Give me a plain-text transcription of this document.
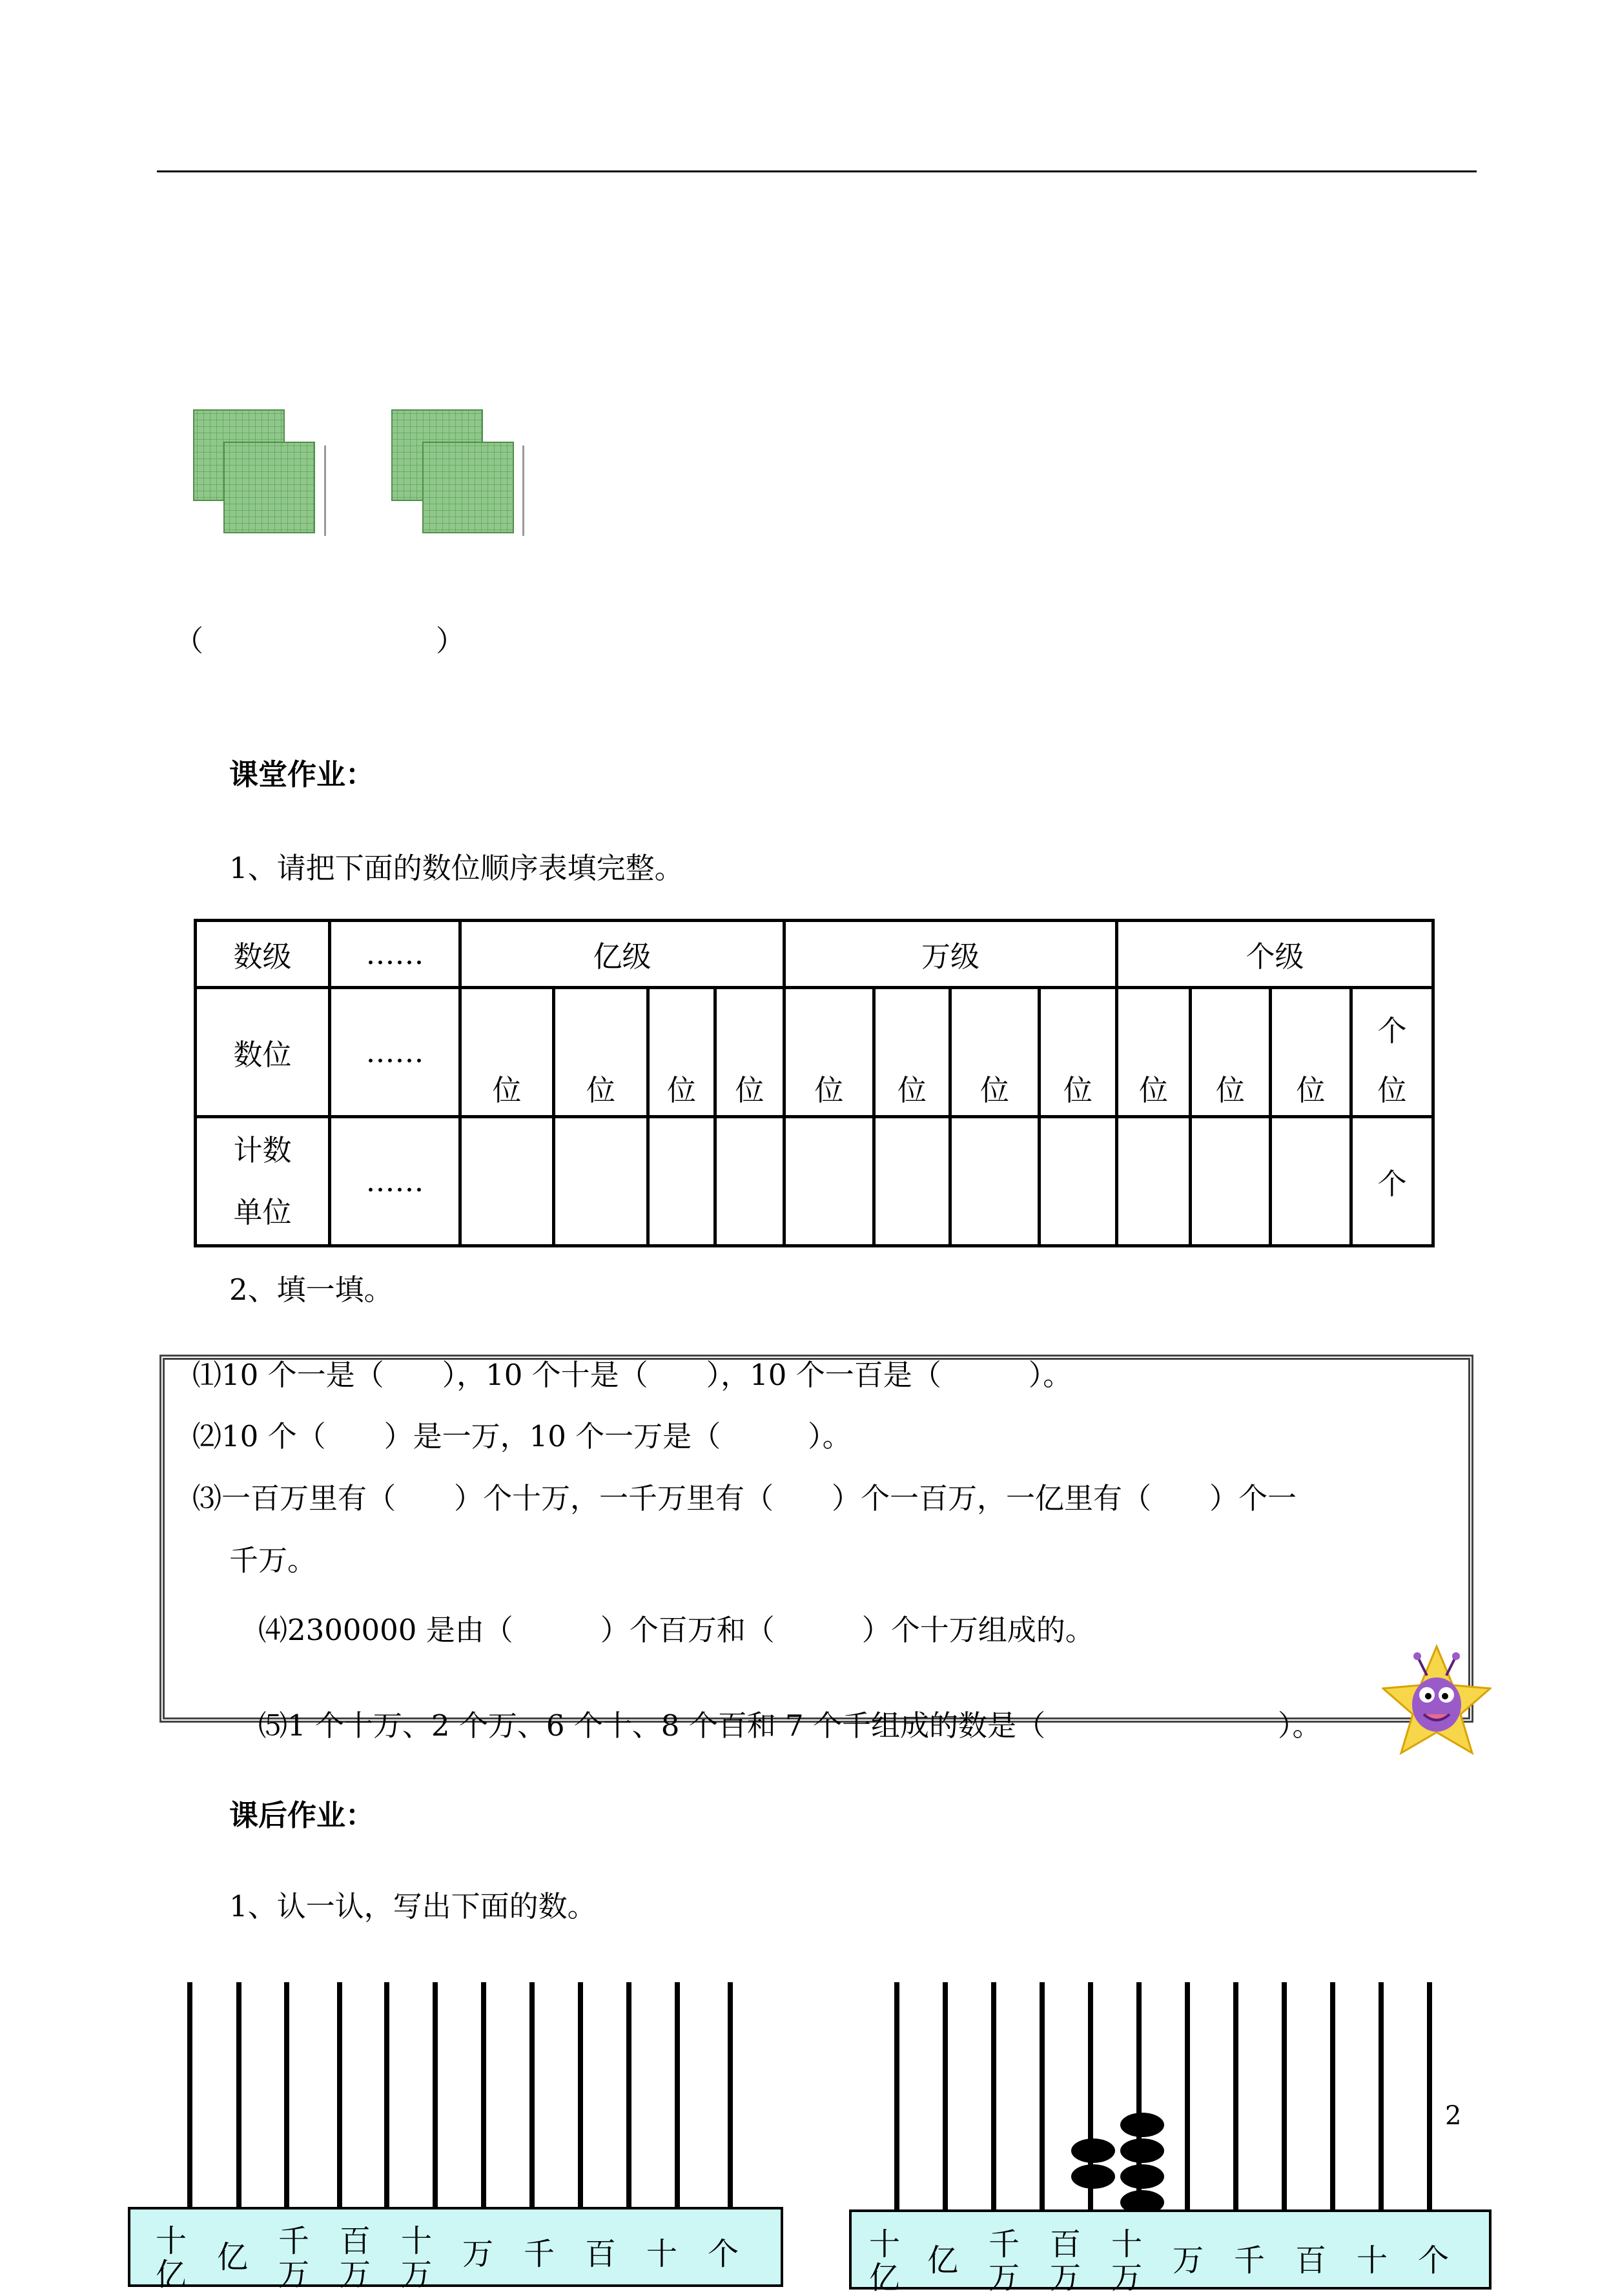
（　　　　　　　　）
课堂作业：
1、请把下面的数位顺序表填完整。
数级	……	亿级				万级				个级			
数位	……	位	位	位	位	位	位	位	位	位	位	位	个
位

计数
单位	……												个
2、填一填。
⑴10 个一是（　　），10 个十是（　　），10 个一百是（　　　）。
⑵10 个（　　）是一万，10 个一万是（　　　）。
⑶一百万里有（　　）个十万，一千万里有（　　）个一百万，一亿里有（　　）个一
千万。
⑷2300000 是由（　　　）个百万和（　　　）个十万组成的。
⑸1 个十万、2 个万、6 个十、8 个百和 7 个千组成的数是（　　　　　　　　）。
课后作业：
1、认一认，写出下面的数。
2
十
亿 亿 千
万
百
万
十
万
万 千 百 十 个	十
亿 亿 千
万
百
万
十
万 万 千 百 十 个
